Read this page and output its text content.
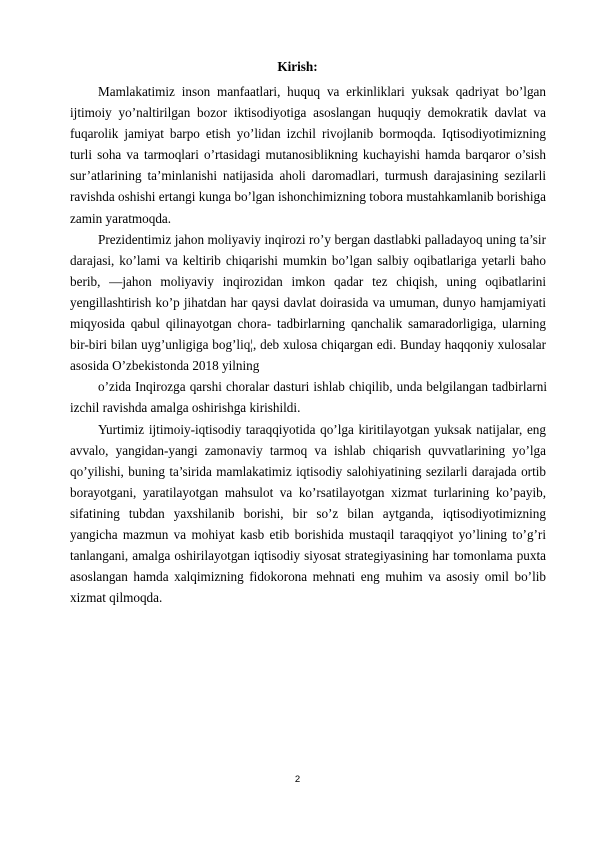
Kirish:

Mamlakatimiz inson manfaatlari, huquq va erkinliklari yuksak qadriyat bo’lgan ijtimoiy yo’naltirilgan bozor iktisodiyotiga asoslangan huquqiy demokratik davlat va fuqarolik jamiyat barpo etish yo’lidan izchil rivojlanib bormoqda. Iqtisodiyotimizning turli soha va tarmoqlari o’rtasidagi mutanosiblikning kuchayishi hamda barqaror o’sish sur’atlarining ta’minlanishi natijasida aholi daromadlari, turmush darajasining sezilarli ravishda oshishi ertangi kunga bo’lgan ishonchimizning tobora mustahkamlanib borishiga zamin yaratmoqda.

Prezidentimiz jahon moliyaviy inqirozi ro’y bergan dastlabki palladayoq uning ta’sir darajasi, ko’lami va keltirib chiqarishi mumkin bo’lgan salbiy oqibatlariga yetarli baho berib, ―jahon moliyaviy inqirozidan imkon qadar tez chiqish, uning oqibatlarini yengillashtirish ko’p jihatdan har qaysi davlat doirasida va umuman, dunyo hamjamiyati miqyosida qabul qilinayotgan chora- tadbirlarning qanchalik samaradorligiga, ularning bir-biri bilan uyg’unligiga bog’liq¦, deb xulosa chiqargan edi. Bunday haqqoniy xulosalar asosida O’zbekistonda 2018 yilning

o’zida Inqirozga qarshi choralar dasturi ishlab chiqilib, unda belgilangan tadbirlarni izchil ravishda amalga oshirishga kirishildi.

Yurtimiz ijtimoiy-iqtisodiy taraqqiyotida qo’lga kiritilayotgan yuksak natijalar, eng avvalo, yangidan-yangi zamonaviy tarmoq va ishlab chiqarish quvvatlarining yo’lga qo’yilishi, buning ta’sirida mamlakatimiz iqtisodiy salohiyatining sezilarli darajada ortib borayotgani, yaratilayotgan mahsulot va ko’rsatilayotgan xizmat turlarining ko’payib, sifatining tubdan yaxshilanib borishi, bir so’z bilan aytganda, iqtisodiyotimizning yangicha mazmun va mohiyat kasb etib borishida mustaqil taraqqiyot yo’lining to’g’ri tanlangani, amalga oshirilayotgan iqtisodiy siyosat strategiyasining har tomonlama puxta asoslangan hamda xalqimizning fidokorona mehnati eng muhim va asosiy omil bo’lib xizmat qilmoqda.

2
